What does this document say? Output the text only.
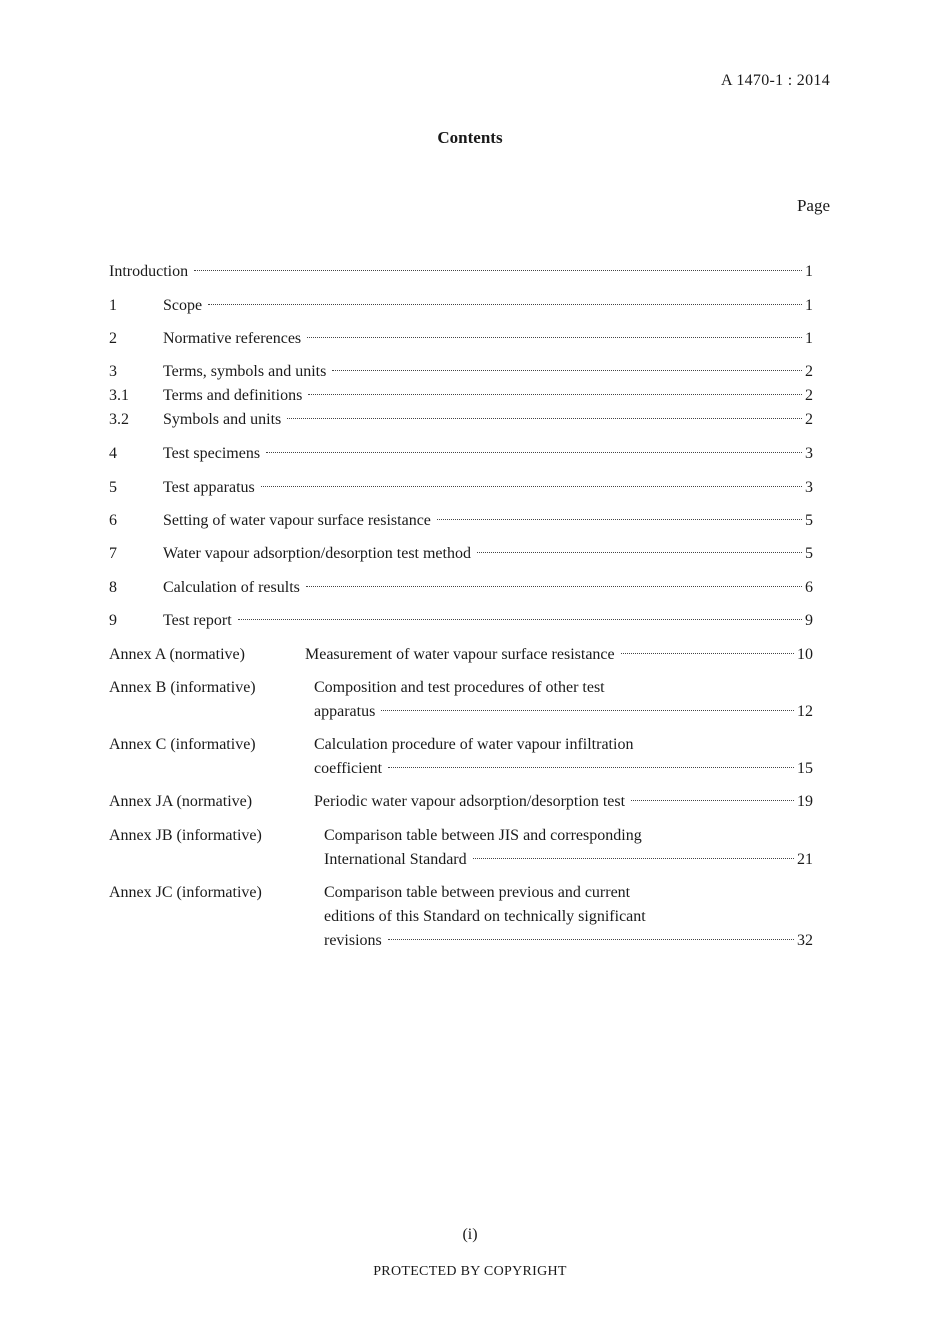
A 1470-1 : 2014
Contents
Page
Introduction	1
1	Scope	1
2	Normative references	1
3	Terms, symbols and units	2
3.1 Terms and definitions	2
3.2 Symbols and units	2
4	Test specimens	3
5	Test apparatus	3
6	Setting of water vapour surface resistance	5
7	Water vapour adsorption/desorption test method	5
8	Calculation of results	6
9	Test report	9
Annex A (normative)	Measurement of water vapour surface resistance	10
Annex B (informative)	Composition and test procedures of other test
apparatus	12
Annex C (informative)	Calculation procedure of water vapour infiltration
coefficient	15
Annex JA (normative)	Periodic water vapour adsorption/desorption test	19
Annex JB (informative)	Comparison table between JIS and corresponding
International Standard	21
Annex JC (informative)	Comparison table between previous and current
editions of this Standard on technically significant
revisions	32
(i)
PROTECTED BY COPYRIGHT
